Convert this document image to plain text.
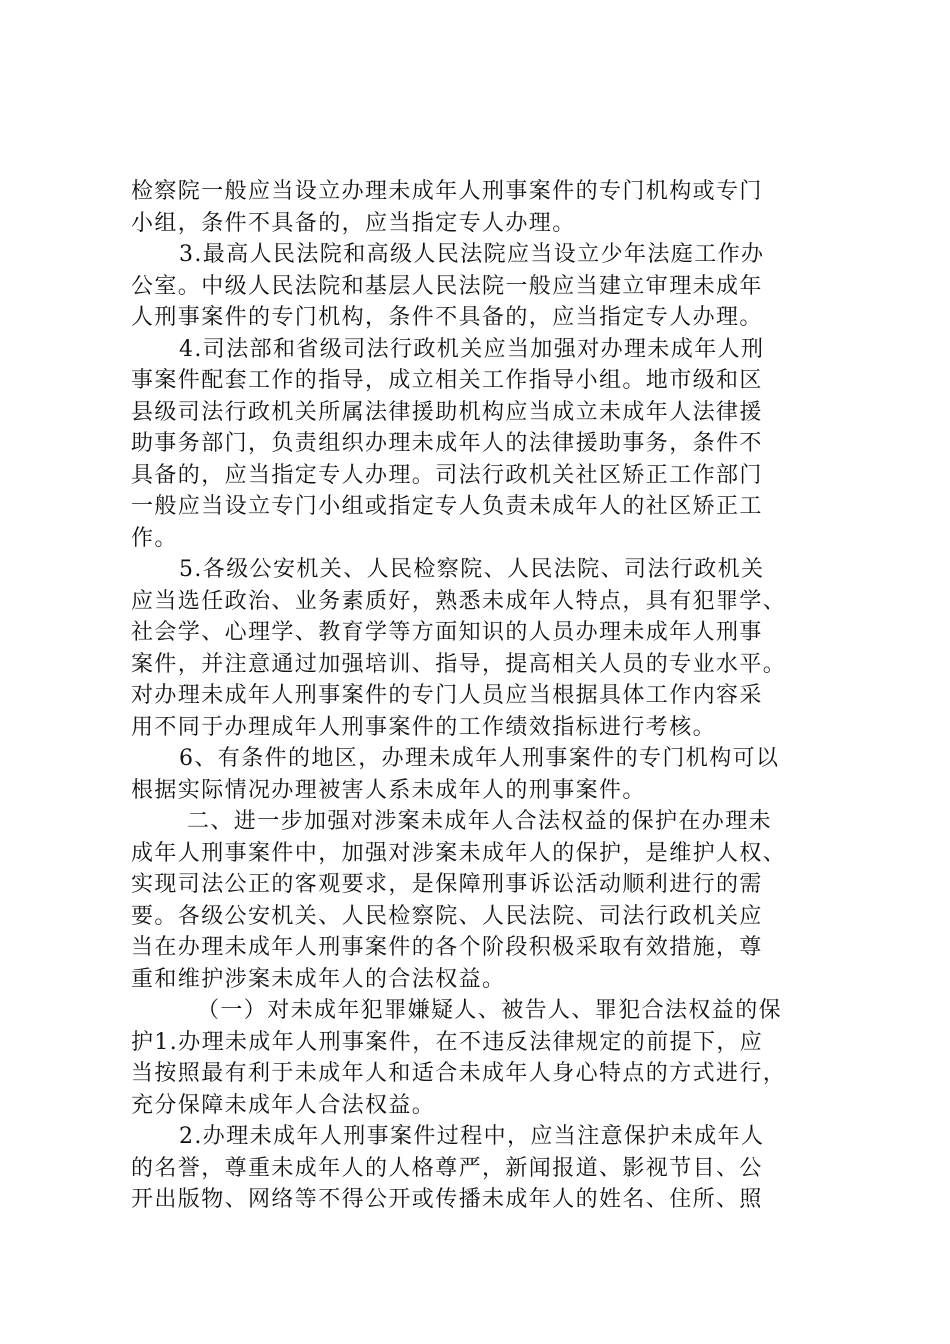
检察院一般应当设立办理未成年人刑事案件的专门机构或专门
小组，条件不具备的，应当指定专人办理。
3.最高人民法院和高级人民法院应当设立少年法庭工作办
公室。中级人民法院和基层人民法院一般应当建立审理未成年
人刑事案件的专门机构，条件不具备的，应当指定专人办理。
4.司法部和省级司法行政机关应当加强对办理未成年人刑
事案件配套工作的指导，成立相关工作指导小组。地市级和区
县级司法行政机关所属法律援助机构应当成立未成年人法律援
助事务部门，负责组织办理未成年人的法律援助事务，条件不
具备的，应当指定专人办理。司法行政机关社区矫正工作部门
一般应当设立专门小组或指定专人负责未成年人的社区矫正工
作。
5.各级公安机关、人民检察院、人民法院、司法行政机关
应当选任政治、业务素质好，熟悉未成年人特点，具有犯罪学、
社会学、心理学、教育学等方面知识的人员办理未成年人刑事
案件，并注意通过加强培训、指导，提高相关人员的专业水平。
对办理未成年人刑事案件的专门人员应当根据具体工作内容采
用不同于办理成年人刑事案件的工作绩效指标进行考核。
6、有条件的地区，办理未成年人刑事案件的专门机构可以
根据实际情况办理被害人系未成年人的刑事案件。
二、进一步加强对涉案未成年人合法权益的保护在办理未
成年人刑事案件中，加强对涉案未成年人的保护，是维护人权、
实现司法公正的客观要求，是保障刑事诉讼活动顺利进行的需
要。各级公安机关、人民检察院、人民法院、司法行政机关应
当在办理未成年人刑事案件的各个阶段积极采取有效措施，尊
重和维护涉案未成年人的合法权益。
（一）对未成年犯罪嫌疑人、被告人、罪犯合法权益的保
护1.办理未成年人刑事案件，在不违反法律规定的前提下，应
当按照最有利于未成年人和适合未成年人身心特点的方式进行，
充分保障未成年人合法权益。
2.办理未成年人刑事案件过程中，应当注意保护未成年人
的名誉，尊重未成年人的人格尊严，新闻报道、影视节目、公
开出版物、网络等不得公开或传播未成年人的姓名、住所、照
